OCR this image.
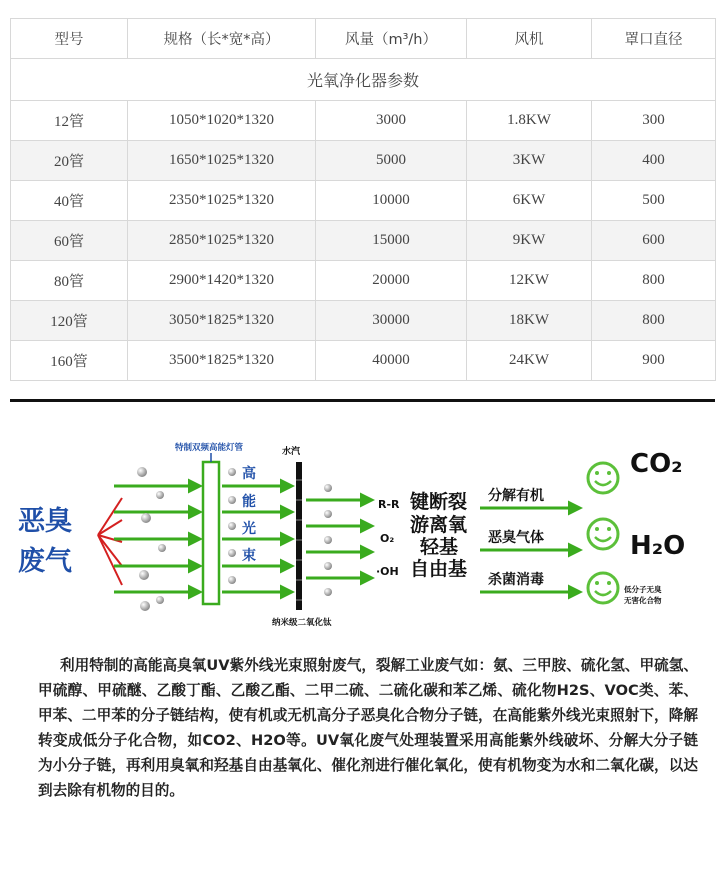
光氧净化器参数				
型号	规格（长*宽*高）	风量（m³/h）	风机	罩口直径
12管	1050*1020*1320	3000	1.8KW	300
20管	1650*1025*1320	5000	3KW	400
40管	2350*1025*1320	10000	6KW	500
60管	2850*1025*1320	15000	9KW	600
80管	2900*1420*1320	20000	12KW	800
120管	3050*1825*1320	30000	18KW	800
160管	3500*1825*1320	40000	24KW	900
恶臭
废气
特制双频高能灯管
高
能
光
束
水汽
纳米级二氧化钛
R-R
O₂
·OH
键断裂
游离氧
轻基
自由基
分解有机
恶臭气体
杀菌消毒
CO₂
H₂O
低分子无臭
无害化合物

利用特制的高能高臭氧UV紫外线光束照射废气，裂解工业废气如：氨、三甲胺、硫化氢、甲硫氢、甲硫醇、甲硫醚、乙酸丁酯、乙酸乙酯、二甲二硫、二硫化碳和苯乙烯、硫化物H2S、VOC类、苯、甲苯、二甲苯的分子链结构，使有机或无机高分子恶臭化合物分子链，在高能紫外线光束照射下，降解转变成低分子化合物，如CO2、H2O等。UV氧化废气处理装置采用高能紫外线破坏、分解大分子链为小分子链，再利用臭氧和羟基自由基氧化、催化剂进行催化氧化，使有机物变为水和二氧化碳，以达到去除有机物的目的。
